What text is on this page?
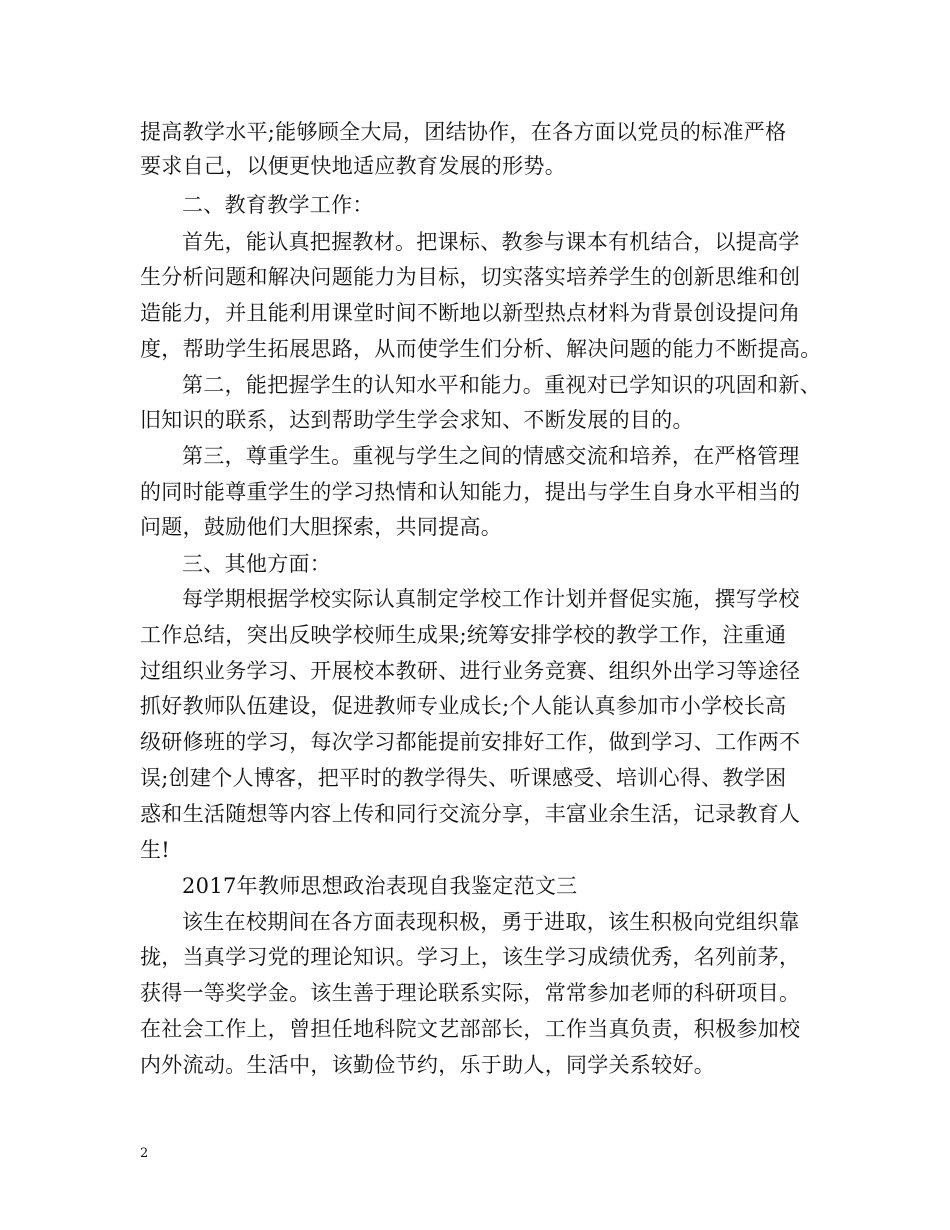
提高教学水平;能够顾全大局，团结协作，在各方面以党员的标准严格
要求自己，以便更快地适应教育发展的形势。
二、教育教学工作：
首先，能认真把握教材。把课标、教参与课本有机结合，以提高学
生分析问题和解决问题能力为目标，切实落实培养学生的创新思维和创
造能力，并且能利用课堂时间不断地以新型热点材料为背景创设提问角
度，帮助学生拓展思路，从而使学生们分析、解决问题的能力不断提高。
第二，能把握学生的认知水平和能力。重视对已学知识的巩固和新、
旧知识的联系，达到帮助学生学会求知、不断发展的目的。
第三，尊重学生。重视与学生之间的情感交流和培养，在严格管理
的同时能尊重学生的学习热情和认知能力，提出与学生自身水平相当的
问题，鼓励他们大胆探索，共同提高。
三、其他方面：
每学期根据学校实际认真制定学校工作计划并督促实施，撰写学校
工作总结，突出反映学校师生成果;统筹安排学校的教学工作，注重通
过组织业务学习、开展校本教研、进行业务竞赛、组织外出学习等途径
抓好教师队伍建设，促进教师专业成长;个人能认真参加市小学校长高
级研修班的学习，每次学习都能提前安排好工作，做到学习、工作两不
误;创建个人博客，把平时的教学得失、听课感受、培训心得、教学困
惑和生活随想等内容上传和同行交流分享，丰富业余生活，记录教育人
生!
2017年教师思想政治表现自我鉴定范文三
该生在校期间在各方面表现积极，勇于进取，该生积极向党组织靠
拢，当真学习党的理论知识。学习上，该生学习成绩优秀，名列前茅，
获得一等奖学金。该生善于理论联系实际，常常参加老师的科研项目。
在社会工作上，曾担任地科院文艺部部长，工作当真负责，积极参加校
内外流动。生活中，该勤俭节约，乐于助人，同学关系较好。
2
